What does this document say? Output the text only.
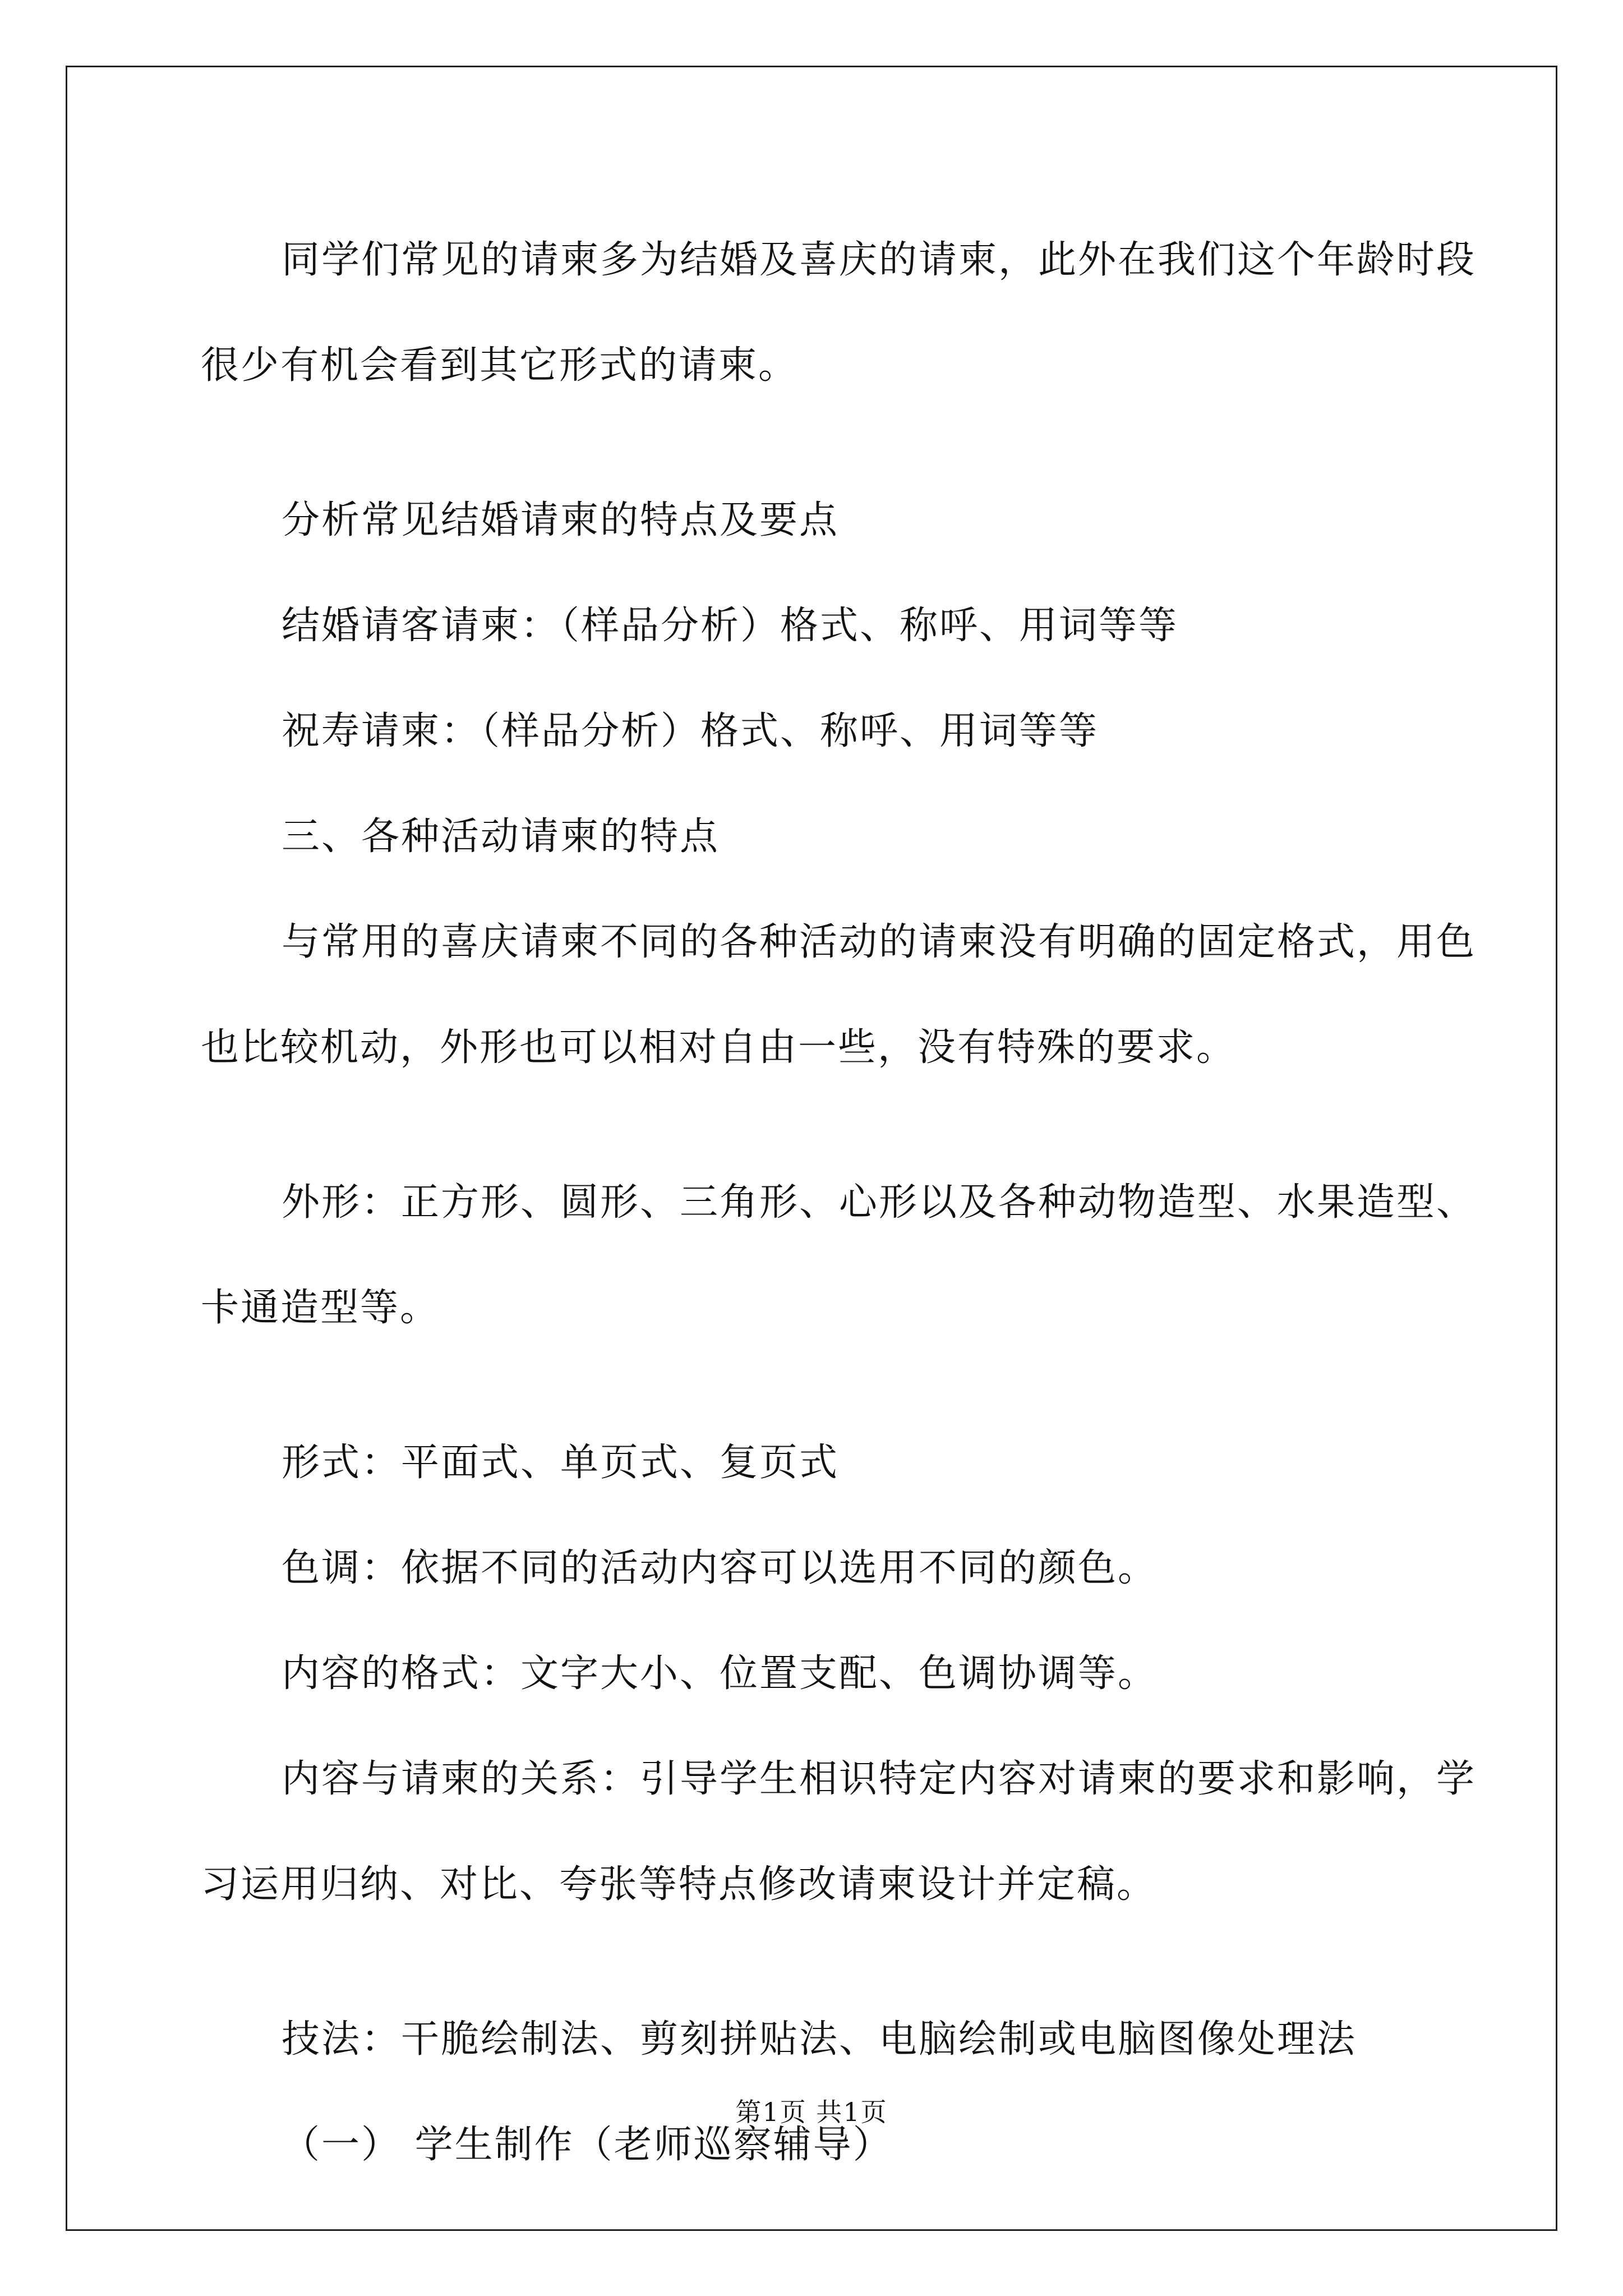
同学们常见的请柬多为结婚及喜庆的请柬，此外在我们这个年龄时段很少有机会看到其它形式的请柬。

分析常见结婚请柬的特点及要点

结婚请客请柬：（样品分析）格式、称呼、用词等等

祝寿请柬：（样品分析）格式、称呼、用词等等

三、各种活动请柬的特点

与常用的喜庆请柬不同的各种活动的请柬没有明确的固定格式，用色也比较机动，外形也可以相对自由一些，没有特殊的要求。

外形：正方形、圆形、三角形、心形以及各种动物造型、水果造型、卡通造型等。

形式：平面式、单页式、复页式

色调：依据不同的活动内容可以选用不同的颜色。

内容的格式：文字大小、位置支配、色调协调等。

内容与请柬的关系：引导学生相识特定内容对请柬的要求和影响，学习运用归纳、对比、夸张等特点修改请柬设计并定稿。

技法：干脆绘制法、剪刻拼贴法、电脑绘制或电脑图像处理法

（一） 学生制作（老师巡察辅导）

第1页 共1页
